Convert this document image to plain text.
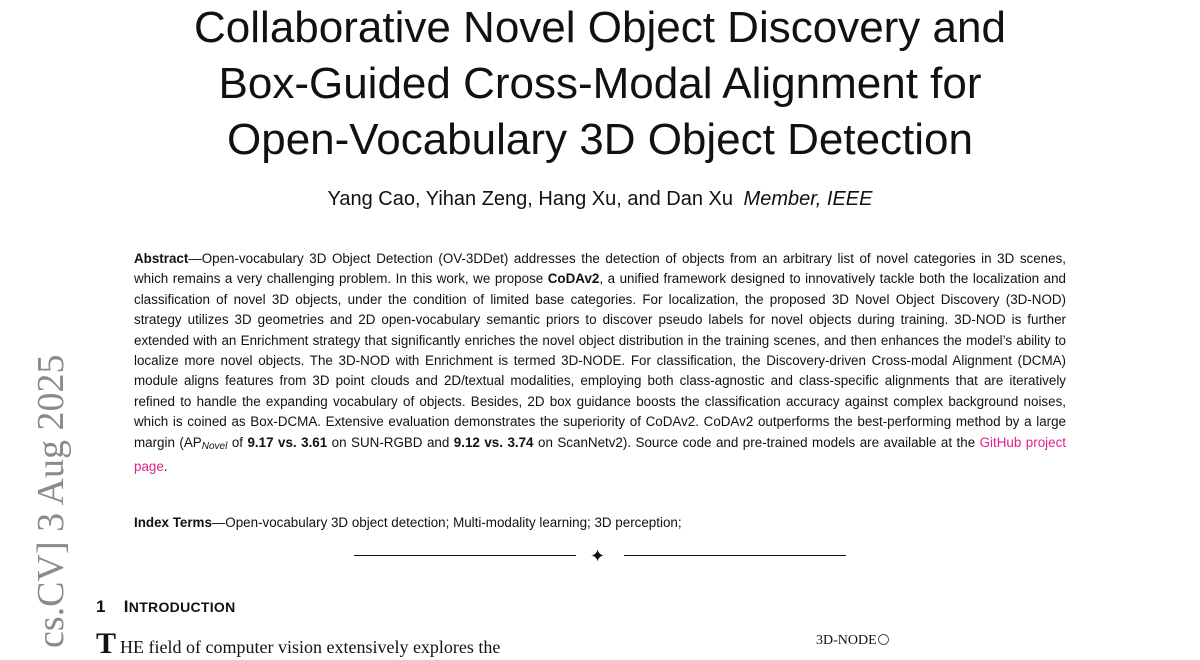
Collaborative Novel Object Discovery and
Box-Guided Cross-Modal Alignment for
Open-Vocabulary 3D Object Detection
Yang Cao, Yihan Zeng, Hang Xu, and Dan Xu Member, IEEE
cs.CV] 3 Aug 2025
Abstract—Open-vocabulary 3D Object Detection (OV-3DDet) addresses the detection of objects from an arbitrary list of novel categories in 3D scenes, which remains a very challenging problem. In this work, we propose CoDAv2, a unified framework designed to innovatively tackle both the localization and classification of novel 3D objects, under the condition of limited base categories. For localization, the proposed 3D Novel Object Discovery (3D-NOD) strategy utilizes 3D geometries and 2D open-vocabulary semantic priors to discover pseudo labels for novel objects during training. 3D-NOD is further extended with an Enrichment strategy that significantly enriches the novel object distribution in the training scenes, and then enhances the model’s ability to localize more novel objects. The 3D-NOD with Enrichment is termed 3D-NODE. For classification, the Discovery-driven Cross-modal Alignment (DCMA) module aligns features from 3D point clouds and 2D/textual modalities, employing both class-agnostic and class-specific alignments that are iteratively refined to handle the expanding vocabulary of objects. Besides, 2D box guidance boosts the classification accuracy against complex background noises, which is coined as Box-DCMA. Extensive evaluation demonstrates the superiority of CoDAv2. CoDAv2 outperforms the best-performing method by a large margin (APNovel of 9.17 vs. 3.61 on SUN-RGBD and 9.12 vs. 3.74 on ScanNetv2). Source code and pre-trained models are available at the GitHub project page.
Index Terms—Open-vocabulary 3D object detection; Multi-modality learning; 3D perception;
✦
1 INTRODUCTION
THE field of computer vision extensively explores the	3D-NODE
